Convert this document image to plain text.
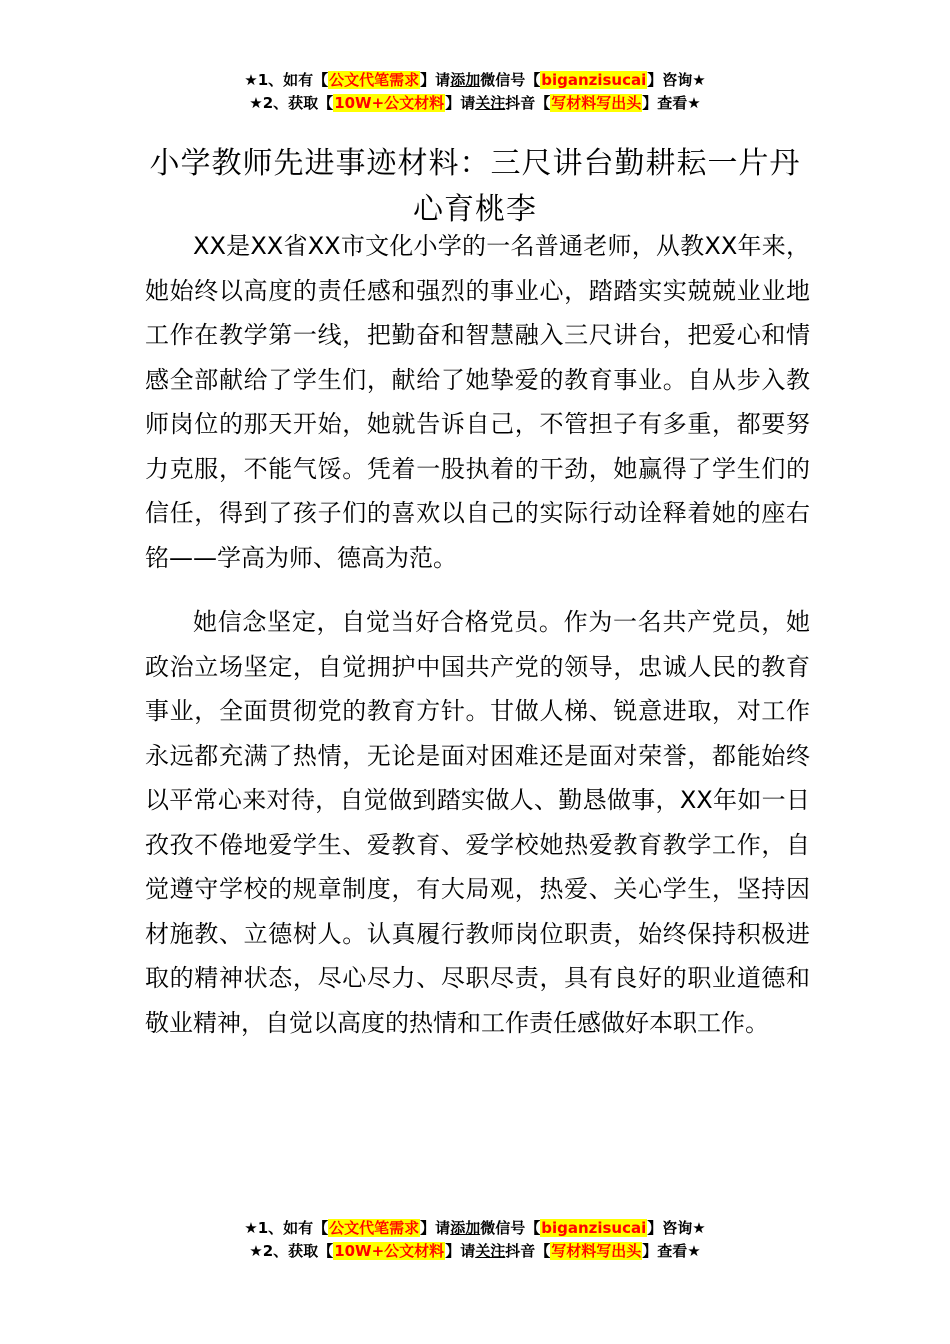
★1、如有【公文代笔需求】请添加微信号【biganzisucai】咨询★
★2、获取【10W+公文材料】请关注抖音【写材料写出头】查看★
小学教师先进事迹材料：三尺讲台勤耕耘一片丹心育桃李

XX是XX省XX市文化小学的一名普通老师，从教XX年来，她始终以高度的责任感和强烈的事业心，踏踏实实兢兢业业地工作在教学第一线，把勤奋和智慧融入三尺讲台，把爱心和情感全部献给了学生们，献给了她挚爱的教育事业。自从步入教师岗位的那天开始，她就告诉自己，不管担子有多重，都要努力克服，不能气馁。凭着一股执着的干劲，她赢得了学生们的信任，得到了孩子们的喜欢以自己的实际行动诠释着她的座右铭——学高为师、德高为范。

她信念坚定，自觉当好合格党员。作为一名共产党员，她政治立场坚定，自觉拥护中国共产党的领导，忠诚人民的教育事业，全面贯彻党的教育方针。甘做人梯、锐意进取，对工作永远都充满了热情，无论是面对困难还是面对荣誉，都能始终以平常心来对待，自觉做到踏实做人、勤恳做事，XX年如一日孜孜不倦地爱学生、爱教育、爱学校她热爱教育教学工作，自觉遵守学校的规章制度，有大局观，热爱、关心学生，坚持因材施教、立德树人。认真履行教师岗位职责，始终保持积极进取的精神状态，尽心尽力、尽职尽责，具有良好的职业道德和敬业精神，自觉以高度的热情和工作责任感做好本职工作。

★1、如有【公文代笔需求】请添加微信号【biganzisucai】咨询★
★2、获取【10W+公文材料】请关注抖音【写材料写出头】查看★
